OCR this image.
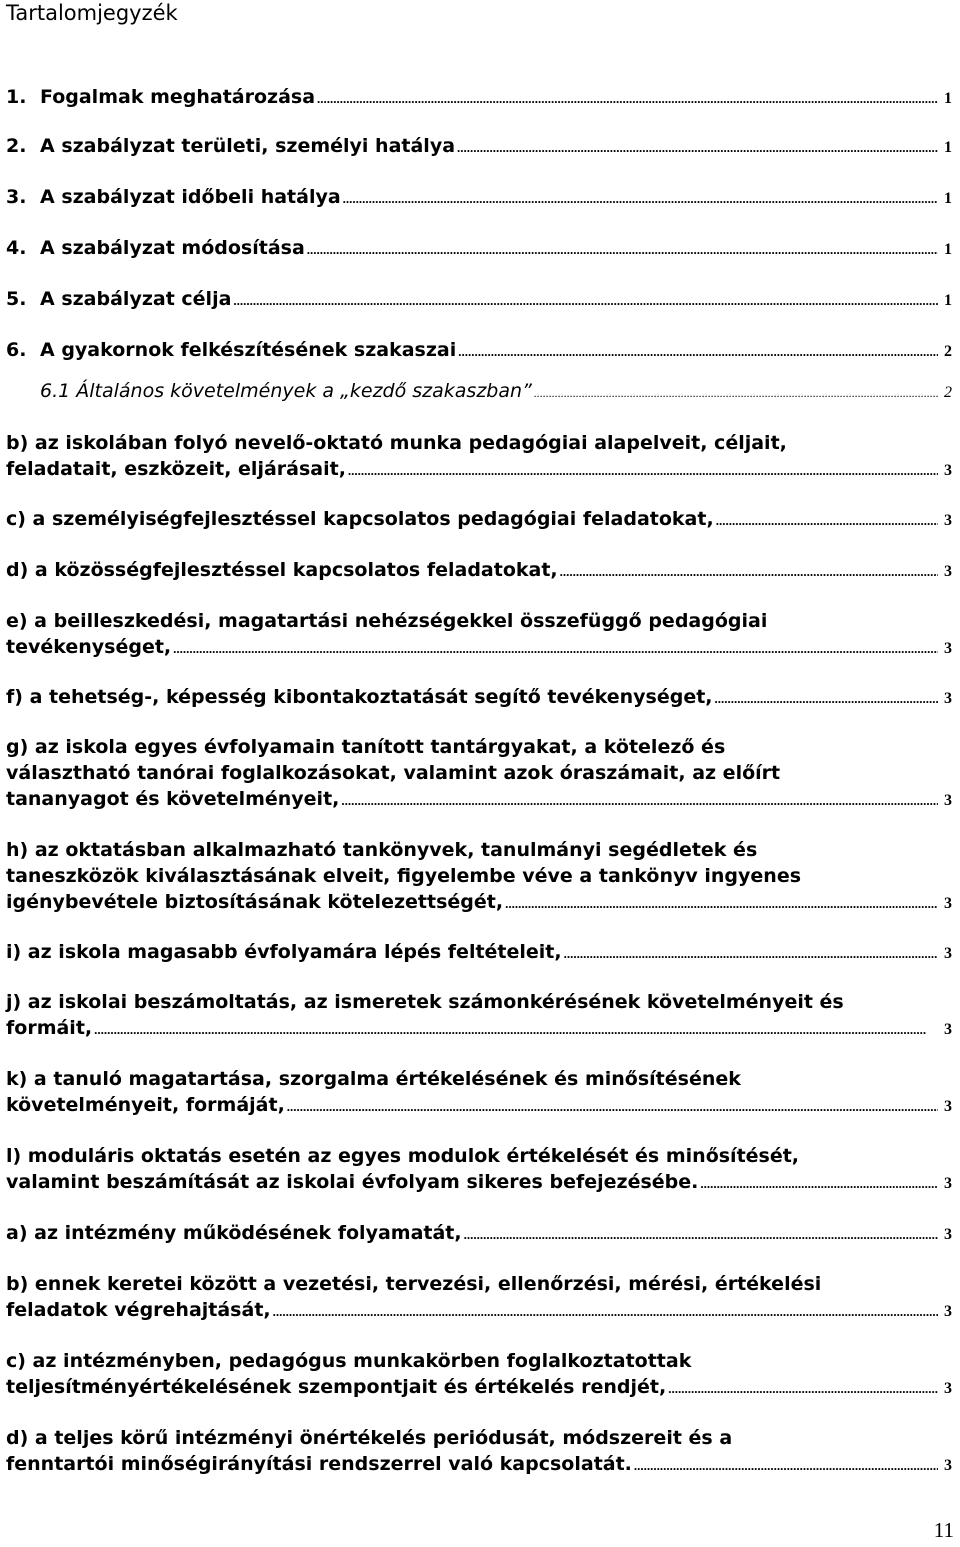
Tartalomjegyzék
1. Fogalmak meghatározása .....	1
2. A szabályzat területi, személyi hatálya .....	1
3. A szabályzat időbeli hatálya .....	1
4. A szabályzat módosítása .....	1
5. A szabályzat célja .....	1
6. A gyakornok felkészítésének szakaszai .....	2
6.1 Általános követelmények a „kezdő szakaszban” .....	2
b) az iskolában folyó nevelő-oktató munka pedagógiai alapelveit, céljait,
feladatait, eszközeit, eljárásait, .....	3
c) a személyiségfejlesztéssel kapcsolatos pedagógiai feladatokat, .....	3
d) a közösségfejlesztéssel kapcsolatos feladatokat, .....	3
e) a beilleszkedési, magatartási nehézségekkel összefüggő pedagógiai
tevékenységet, .....	3
f) a tehetség-, képesség kibontakoztatását segítő tevékenységet, .....	3
g) az iskola egyes évfolyamain tanított tantárgyakat, a kötelező és
választható tanórai foglalkozásokat, valamint azok óraszámait, az előírt
tananyagot és követelményeit, .....	3
h) az oktatásban alkalmazható tankönyvek, tanulmányi segédletek és
taneszközök kiválasztásának elveit, figyelembe véve a tankönyv ingyenes
igénybevétele biztosításának kötelezettségét, .....	3
i) az iskola magasabb évfolyamára lépés feltételeit, .....	3
j) az iskolai beszámoltatás, az ismeretek számonkérésének követelményeit és
formáit, .....	3
k) a tanuló magatartása, szorgalma értékelésének és minősítésének
követelményeit, formáját, .....	3
l) moduláris oktatás esetén az egyes modulok értékelését és minősítését,
valamint beszámítását az iskolai évfolyam sikeres befejezésébe. .....	3
a) az intézmény működésének folyamatát, .....	3
b) ennek keretei között a vezetési, tervezési, ellenőrzési, mérési, értékelési
feladatok végrehajtását, .....	3
c) az intézményben, pedagógus munkakörben foglalkoztatottak
teljesítményértékelésének szempontjait és értékelés rendjét, .....	3
d) a teljes körű intézményi önértékelés periódusát, módszereit és a
fenntartói minőségirányítási rendszerrel való kapcsolatát. .....	3
11
